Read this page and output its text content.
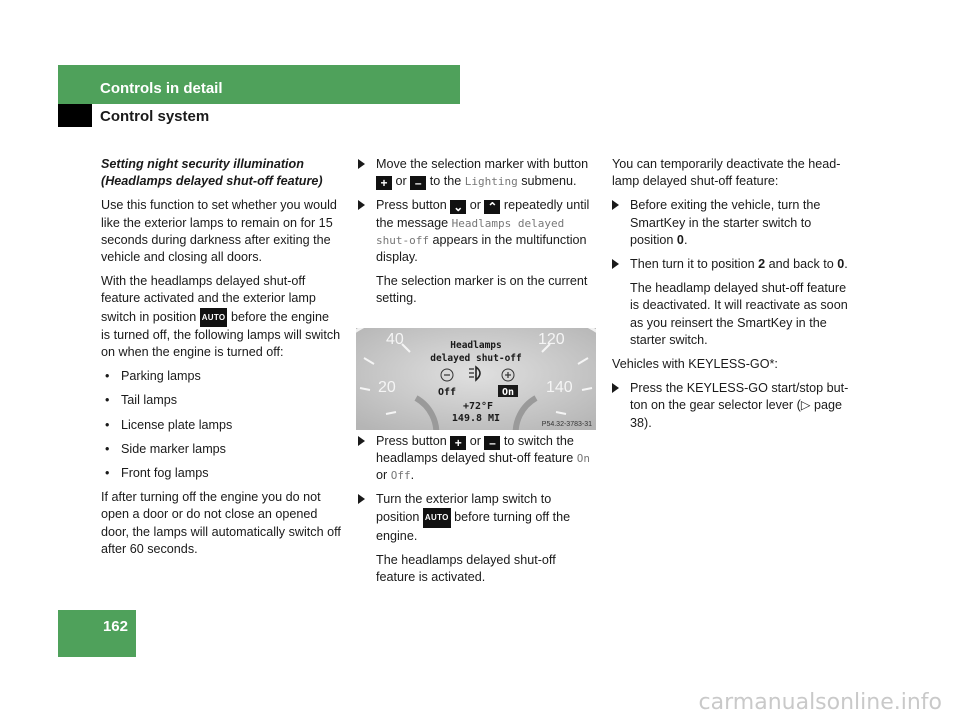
Controls in detail
Control system

Setting night security illumination (Headlamps delayed shut-off feature)

Use this function to set whether you would like the exterior lamps to remain on for 15 seconds during darkness after exiting the vehicle and closing all doors.

With the headlamps delayed shut-off feature activated and the exterior lamp switch in position AUTO before the engine is turned off, the following lamps will switch on when the engine is turned off:

• Parking lamps
• Tail lamps
• License plate lamps
• Side marker lamps
• Front fog lamps

If after turning off the engine you do not open a door or do not close an opened door, the lamps will automatically switch off after 60 seconds.

Move the selection marker with button + or – to the Lighting submenu.
Press button ⌄ or ⌃ repeatedly until the message Headlamps delayed shut-off appears in the multifunction display.

The selection marker is on the current setting.

Press button + or – to switch the headlamps delayed shut-off feature On or Off.
Turn the exterior lamp switch to position AUTO before turning off the engine.

The headlamps delayed shut-off feature is activated.

40
20
120
140
Headlamps
delayed shut-off
Off	On
+72°F
149.8 MI
P54.32-3783-31

You can temporarily deactivate the head-lamp delayed shut-off feature:

Before exiting the vehicle, turn the SmartKey in the starter switch to position 0.
Then turn it to position 2 and back to 0.

The headlamp delayed shut-off feature is deactivated. It will reactivate as soon as you reinsert the SmartKey in the starter switch.

Vehicles with KEYLESS-GO*:

Press the KEYLESS-GO start/stop but-ton on the gear selector lever (▷ page 38).
162
carmanualsonline.info
